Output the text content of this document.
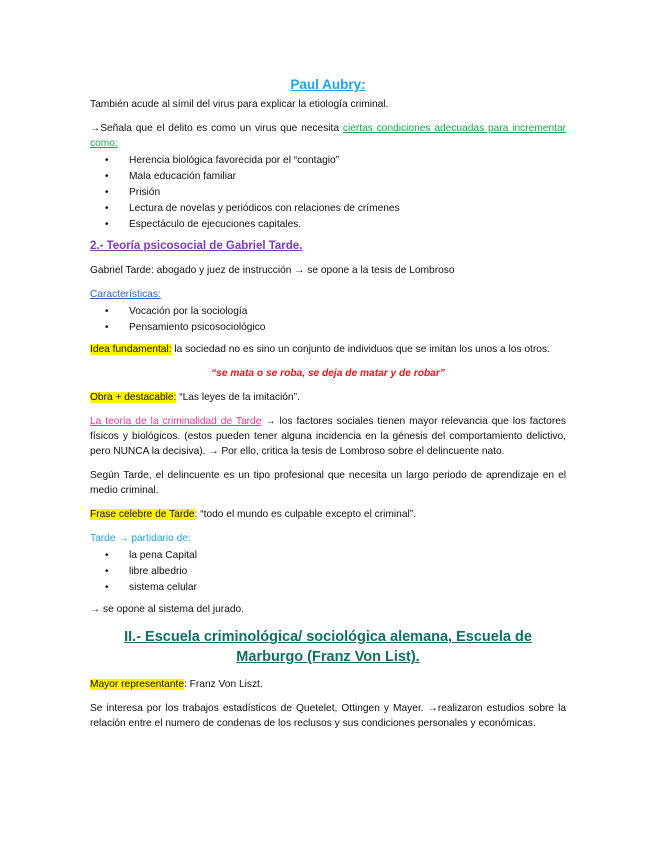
Paul Aubry:

También acude al símil del virus para explicar la etiología criminal.

→Señala que el delito es como un virus que necesita ciertas condiciones adecuadas para incrementar como:

• Herencia biológica favorecida por el “contagio”
• Mala educación familiar
• Prisión
• Lectura de novelas y periódicos con relaciones de crímenes
• Espectáculo de ejecuciones capitales.
2.- Teoría psicosocial de Gabriel Tarde.

Gabriel Tarde: abogado y juez de instrucción → se opone a la tesis de Lombroso

Características:

• Vocación por la sociología
• Pensamiento psicosociológico

Idea fundamental: la sociedad no es sino un conjunto de individuos que se imitan los unos a los otros.

“se mata o se roba, se deja de matar y de robar”

Obra + destacable: “Las leyes de la imitación”.

La teoría de la criminalidad de Tarde → los factores sociales tienen mayor relevancia que los factores físicos y biológicos. (estos pueden tener alguna incidencia en la génesis del comportamiento delictivo, pero NUNCA la decisiva). → Por ello, critica la tesis de Lombroso sobre el delincuente nato.

Según Tarde, el delincuente es un tipo profesional que necesita un largo periodo de aprendizaje en el medio criminal.

Frase celebre de Tarde: “todo el mundo es culpable excepto el criminal”.

Tarde → partidario de:

• la pena Capital
• libre albedrio
• sistema celular

→ se opone al sistema del jurado.

II.- Escuela criminológica/ sociológica alemana, Escuela de Marburgo (Franz Von List).

Mayor representante: Franz Von Liszt.

Se interesa por los trabajos estadísticos de Quetelet, Ottingen y Mayer. →realizaron estudios sobre la relación entre el numero de condenas de los reclusos y sus condiciones personales y económicas.
